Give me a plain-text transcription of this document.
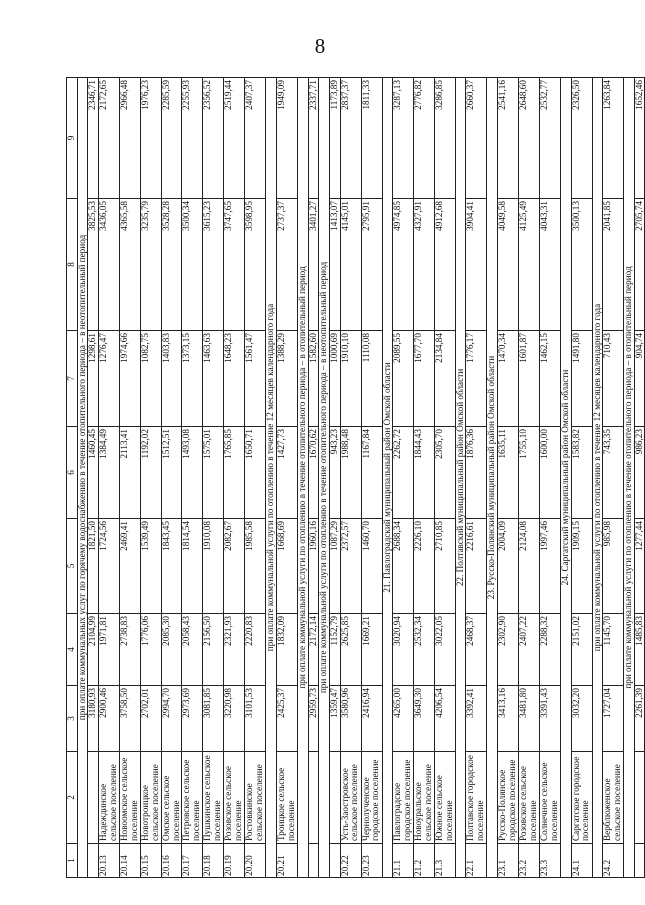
8
1	2	3	4	5	6	7	8	9
при оплате коммунальных услуг по горячему водоснабжению в течение отопительного периода – в неотопительный период								
		3180,93	2104,99	1821,50	1460,45	1298,61	3825,53	2346,71
20.13	Надеждинское сельское поселение	2900,46	1971,81	1724,56	1384,49	1276,47	3436,05	2172,65
20.14	Новоомское сельское поселение	3758,50	2738,83	2469,41	2113,41	1974,66	4365,58	2966,48
20.15	Новотроицкое сельское поселение	2702,01	1776,06	1539,49	1192,02	1082,75	3235,79	1976,23
20.16	Омское сельское поселение	2994,70	2085,30	1843,45	1512,51	1403,83	3528,28	2285,59
20.17	Петровское сельское поселение	2973,69	2058,43	1814,54	1493,08	1373,15	3500,34	2255,93
20.18	Пушкинское сельское поселение	3081,85	2156,50	1910,08	1575,01	1463,63	3615,23	2356,52
20.19	Розовское сельское поселение	3220,98	2321,93	2082,67	1765,85	1648,23	3747,65	2519,44
20.20	Ростовкинское сельское поселение	3101,53	2220,83	1985,58	1650,71	1561,47	3598,95	2407,37
при оплате коммунальной услуги по отоплению в течение 12 месяцев календарного года								
20.21	Троицкое сельское поселение	2425,37	1832,09	1668,69	1427,73	1388,29	2737,37	1949,09
при оплате коммунальной услуги по отоплению в течение отопительного периода – в отопительный период								
		2959,73	2172,14	1960,16	1670,62	1582,60	3401,27	2337,71
при оплате коммунальной услуги по отоплению в течение отопительного периода – в неотопительный период								
		1359,47	1152,79	1087,29	943,23	1000,69	1413,07	1173,89
20.22	Усть-Заостровское сельское поселение	3580,96	2625,85	2372,57	1988,48	1910,10	4145,01	2837,37
20.23	Чернолученское городское поселение	2416,94	1669,21	1460,70	1167,84	1110,08	2795,91	1811,33
21. Павлоградский муниципальный район Омской области								
21.1	Павлоградское городское поселение	4265,00	3020,94	2688,34	2262,72	2089,55	4974,85	3287,13
21.2	Новоуральское сельское поселение	3649,30	2532,34	2226,10	1844,43	1677,70	4327,91	2776,82
21.3	Южное сельское поселение	4206,54	3022,05	2710,85	2305,70	2134,84	4912,68	3286,85
22. Полтавский муниципальный район Омской области								
22.1	Полтавское городское поселение	3392,41	2468,37	2216,61	1876,36	1776,17	3904,41	2660,37
23. Русско-Полянский муниципальный район Омской области								
23.1	Русско-Полянское городское поселение	3413,16	2302,90	2004,09	1635,11	1470,34	4049,58	2541,16
23.2	Розовское сельское поселение	3481,80	2407,22	2124,08	1755,10	1601,87	4125,49	2648,60
23.3	Солнечное сельское поселение	3391,43	2288,32	1997,46	1600,00	1462,15	4043,31	2532,77
24. Саргатский муниципальный район Омской области								
24.1	Саргатское городское поселение	3032,20	2151,02	1909,15	1583,82	1491,80	3500,13	2326,50
при оплате коммунальной услуги по отоплению в течение 12 месяцев календарного года								
24.2	Верблюженское сельское поселение	1727,04	1145,70	985,98	743,35	710,43	2041,85	1263,84
при оплате коммунальной услуги по отоплению в течение отопительного периода – в отопительный период								
		2261,39	1485,83	1277,44	986,23	904,74	2705,74	1652,46
